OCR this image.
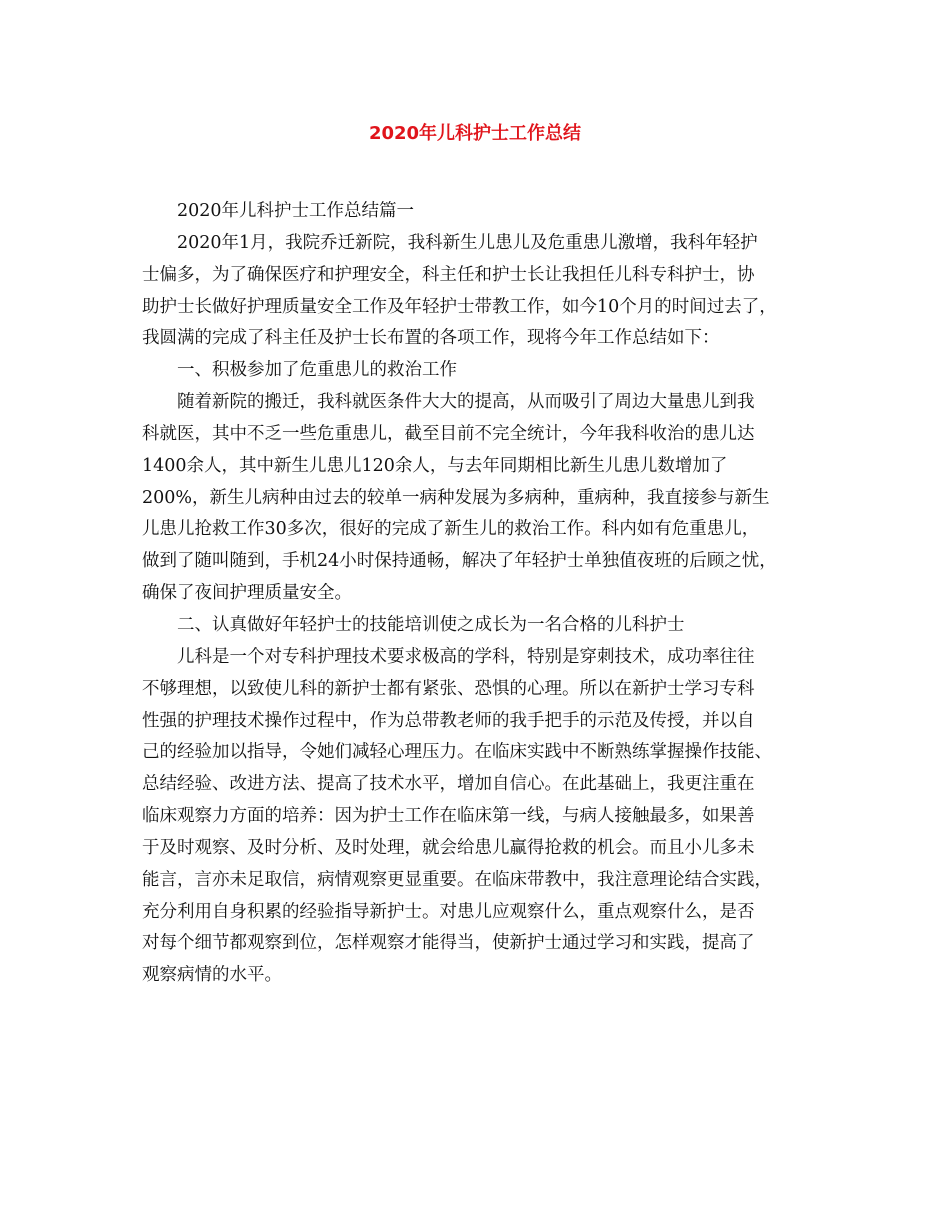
2020年儿科护士工作总结
2020年儿科护士工作总结篇一
2020年1月，我院乔迁新院，我科新生儿患儿及危重患儿激增，我科年轻护
士偏多，为了确保医疗和护理安全，科主任和护士长让我担任儿科专科护士，协
助护士长做好护理质量安全工作及年轻护士带教工作，如今10个月的时间过去了，
我圆满的完成了科主任及护士长布置的各项工作，现将今年工作总结如下：
一、积极参加了危重患儿的救治工作
随着新院的搬迁，我科就医条件大大的提高，从而吸引了周边大量患儿到我
科就医，其中不乏一些危重患儿，截至目前不完全统计，今年我科收治的患儿达
1400余人，其中新生儿患儿120余人，与去年同期相比新生儿患儿数增加了
200%，新生儿病种由过去的较单一病种发展为多病种，重病种，我直接参与新生
儿患儿抢救工作30多次，很好的完成了新生儿的救治工作。科内如有危重患儿，
做到了随叫随到，手机24小时保持通畅，解决了年轻护士单独值夜班的后顾之忧，
确保了夜间护理质量安全。
二、认真做好年轻护士的技能培训使之成长为一名合格的儿科护士
儿科是一个对专科护理技术要求极高的学科，特别是穿刺技术，成功率往往
不够理想，以致使儿科的新护士都有紧张、恐惧的心理。所以在新护士学习专科
性强的护理技术操作过程中，作为总带教老师的我手把手的示范及传授，并以自
己的经验加以指导，令她们减轻心理压力。在临床实践中不断熟练掌握操作技能、
总结经验、改进方法、提高了技术水平，增加自信心。在此基础上，我更注重在
临床观察力方面的培养：因为护士工作在临床第一线，与病人接触最多，如果善
于及时观察、及时分析、及时处理，就会给患儿赢得抢救的机会。而且小儿多未
能言，言亦未足取信，病情观察更显重要。在临床带教中，我注意理论结合实践，
充分利用自身积累的经验指导新护士。对患儿应观察什么，重点观察什么，是否
对每个细节都观察到位，怎样观察才能得当，使新护士通过学习和实践，提高了
观察病情的水平。
